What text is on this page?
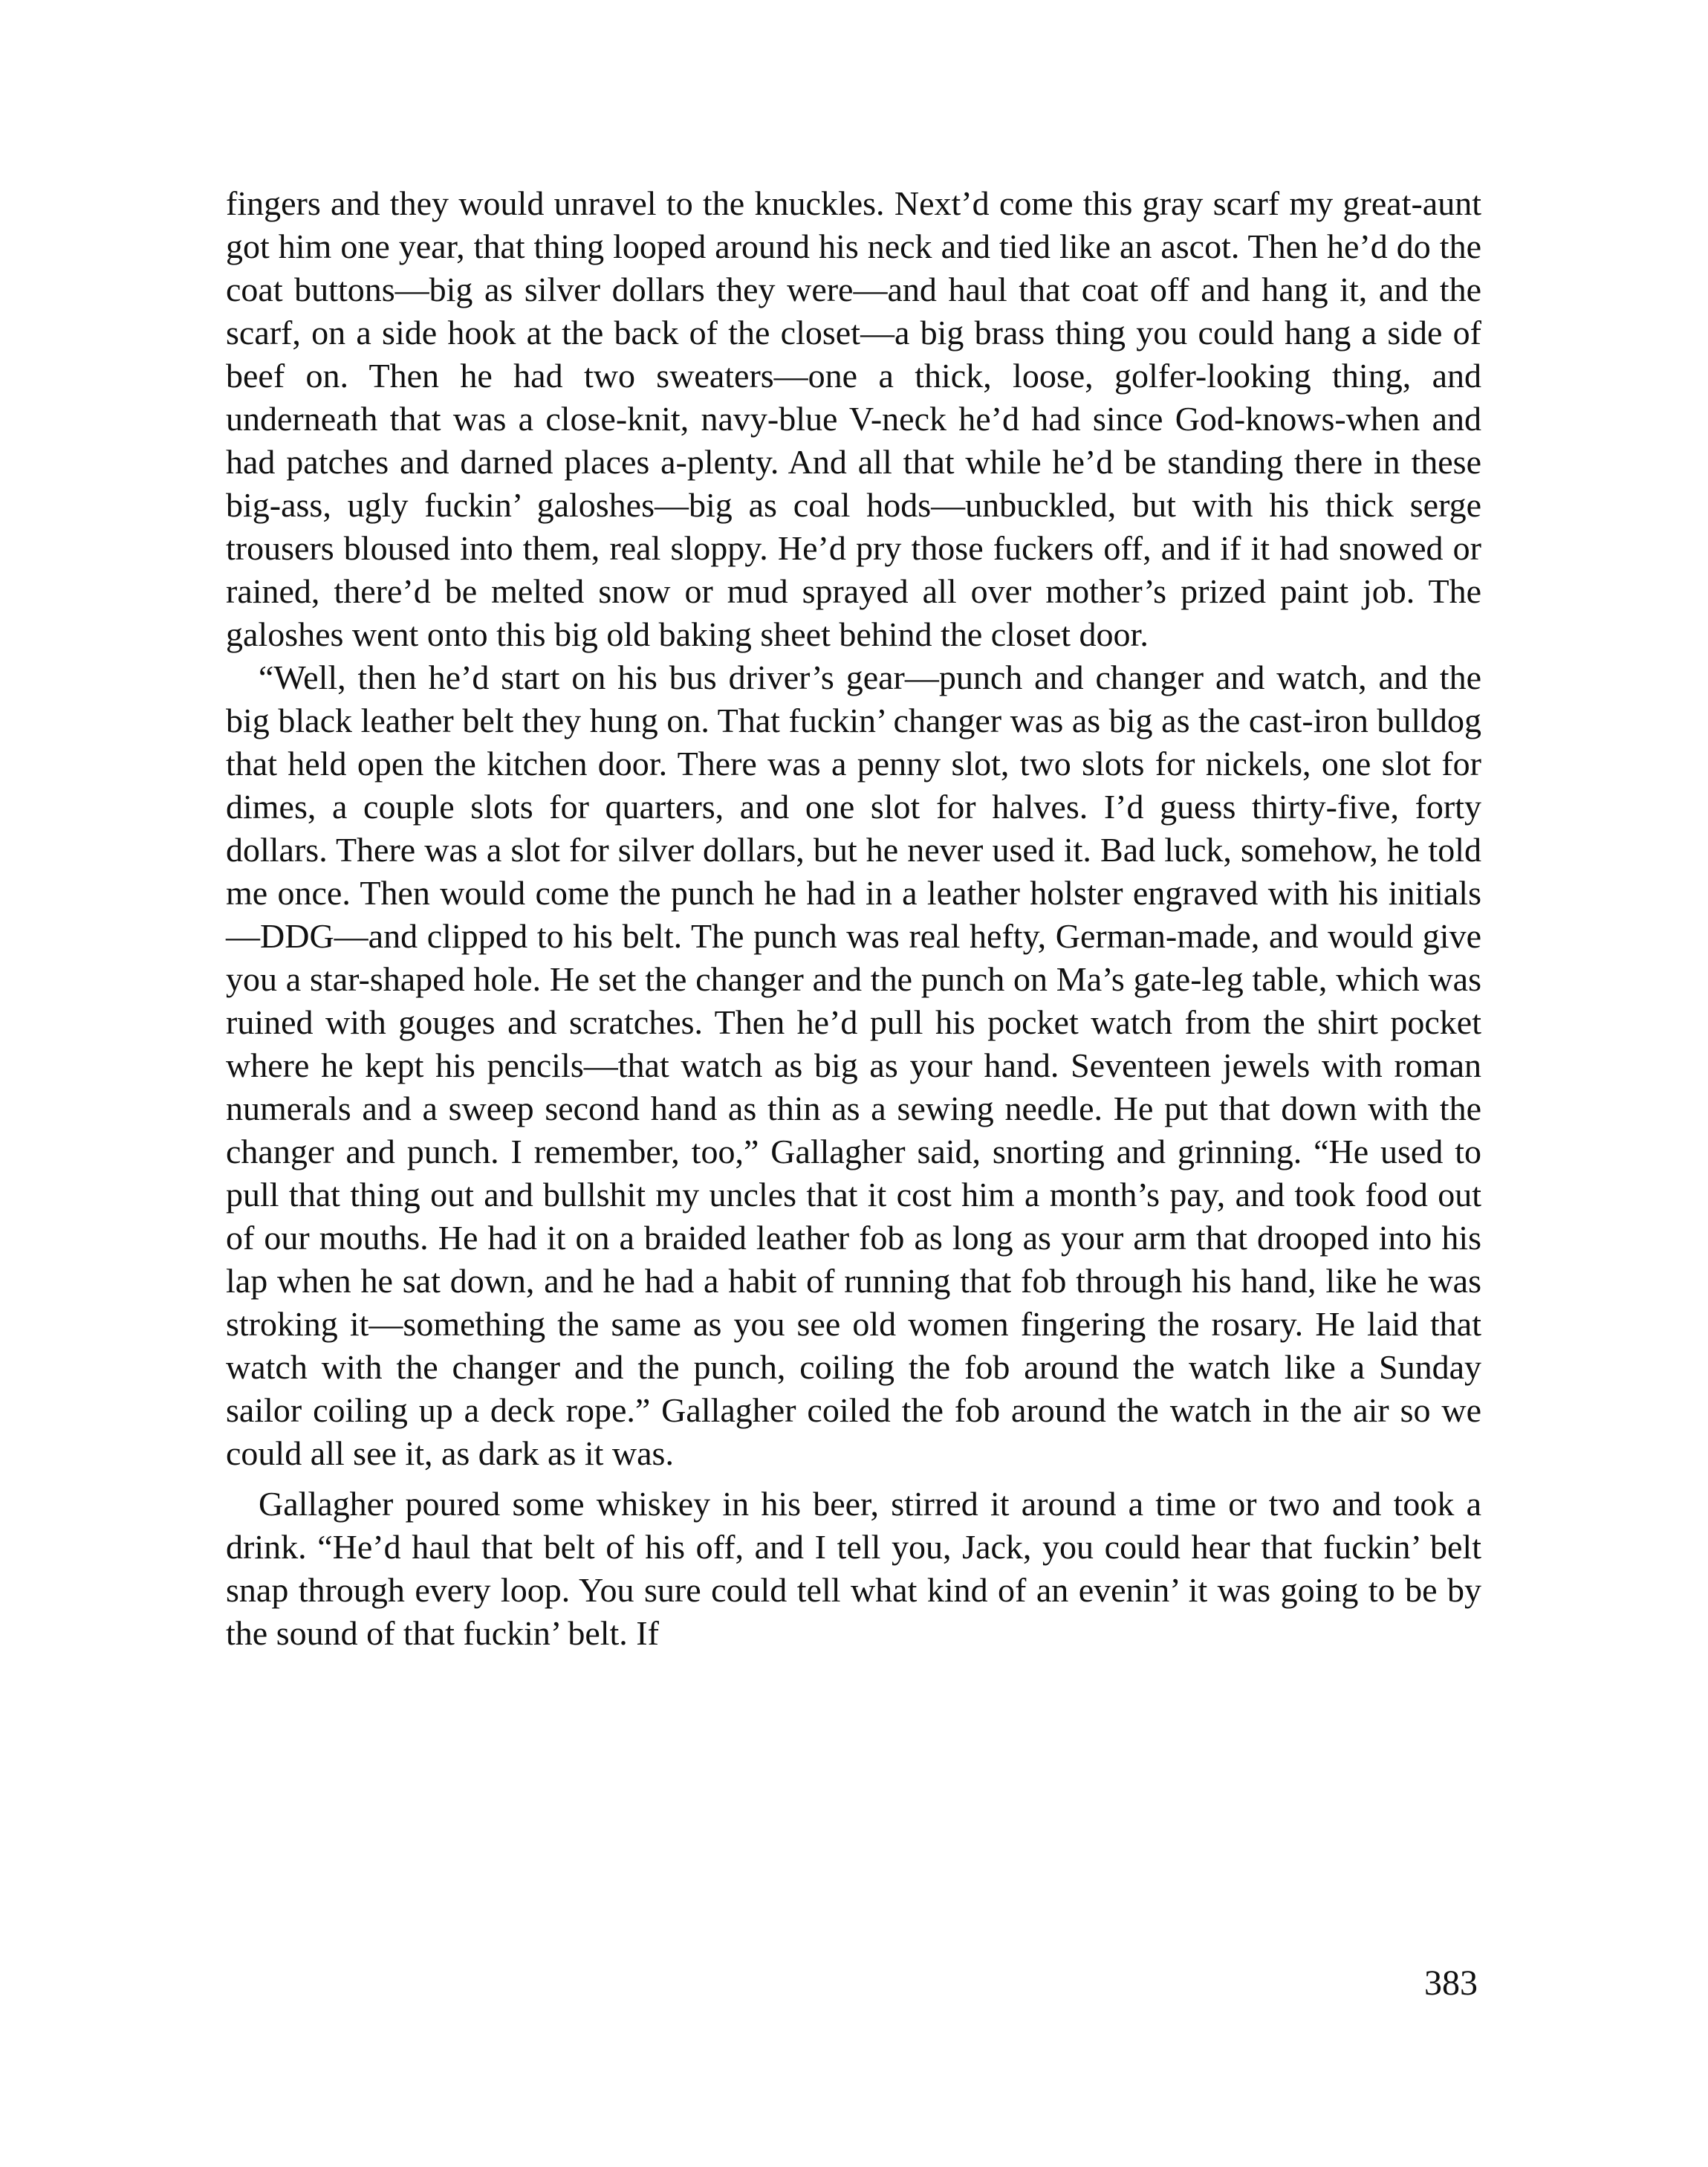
fingers and they would unravel to the knuckles. Next’d come this gray scarf my great-aunt got him one year, that thing looped around his neck and tied like an ascot. Then he’d do the coat buttons—big as silver dollars they were—and haul that coat off and hang it, and the scarf, on a side hook at the back of the closet—a big brass thing you could hang a side of beef on. Then he had two sweaters—one a thick, loose, golfer-looking thing, and underneath that was a close-knit, navy-blue V-neck he’d had since God-knows-when and had patches and darned places a-plenty. And all that while he’d be standing there in these big-ass, ugly fuckin’ galoshes—big as coal hods—unbuckled, but with his thick serge trousers bloused into them, real sloppy. He’d pry those fuckers off, and if it had snowed or rained, there’d be melted snow or mud sprayed all over mother’s prized paint job. The galoshes went onto this big old baking sheet behind the closet door.

“Well, then he’d start on his bus driver’s gear—punch and changer and watch, and the big black leather belt they hung on. That fuckin’ changer was as big as the cast-iron bulldog that held open the kitchen door. There was a penny slot, two slots for nickels, one slot for dimes, a couple slots for quarters, and one slot for halves. I’d guess thirty-five, forty dollars. There was a slot for silver dollars, but he never used it. Bad luck, somehow, he told me once. Then would come the punch he had in a leather holster engraved with his initials—DDG—and clipped to his belt. The punch was real hefty, German-made, and would give you a star-shaped hole. He set the changer and the punch on Ma’s gate-leg table, which was ruined with gouges and scratches. Then he’d pull his pocket watch from the shirt pocket where he kept his pencils—that watch as big as your hand. Seventeen jewels with roman numerals and a sweep second hand as thin as a sewing needle. He put that down with the changer and punch. I remember, too,” Gallagher said, snorting and grinning. “He used to pull that thing out and bullshit my uncles that it cost him a month’s pay, and took food out of our mouths. He had it on a braided leather fob as long as your arm that drooped into his lap when he sat down, and he had a habit of running that fob through his hand, like he was stroking it—something the same as you see old women fingering the rosary. He laid that watch with the changer and the punch, coiling the fob around the watch like a Sunday sailor coiling up a deck rope.” Gallagher coiled the fob around the watch in the air so we could all see it, as dark as it was.

Gallagher poured some whiskey in his beer, stirred it around a time or two and took a drink. “He’d haul that belt of his off, and I tell you, Jack, you could hear that fuckin’ belt snap through every loop. You sure could tell what kind of an evenin’ it was going to be by the sound of that fuckin’ belt. If

383
